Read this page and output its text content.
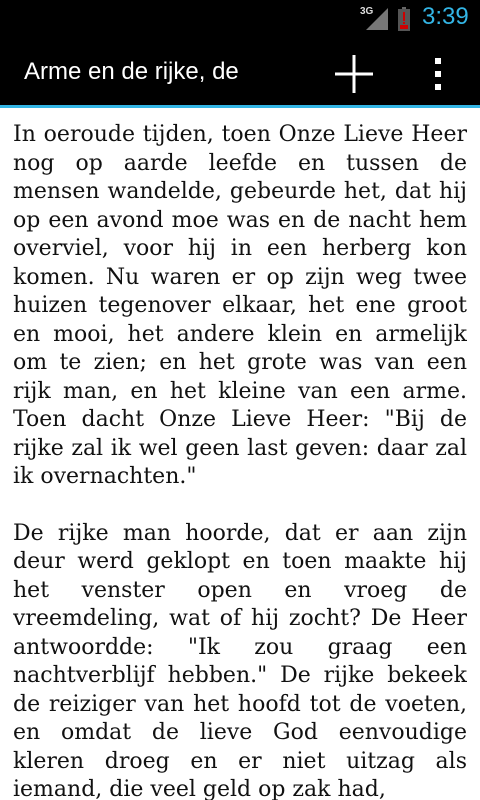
3G 3:39
Arme en de rijke, de

In oeroude tijden, toen Onze Lieve Heer nog op aarde leefde en tussen de mensen wandelde, gebeurde het, dat hij op een avond moe was en de nacht hem overviel, voor hij in een herberg kon komen. Nu waren er op zijn weg twee huizen tegenover elkaar, het ene groot en mooi, het andere klein en armelijk om te zien; en het grote was van een rijk man, en het kleine van een arme. Toen dacht Onze Lieve Heer: "Bij de rijke zal ik wel geen last geven: daar zal ik overnachten."

De rijke man hoorde, dat er aan zijn deur werd geklopt en toen maakte hij het venster open en vroeg de vreemdeling, wat of hij zocht? De Heer antwoordde: "Ik zou graag een nachtverblijf hebben." De rijke bekeek de reiziger van het hoofd tot de voeten, en omdat de lieve God eenvoudige kleren droeg en er niet uitzag als iemand, die veel geld op zak had,
